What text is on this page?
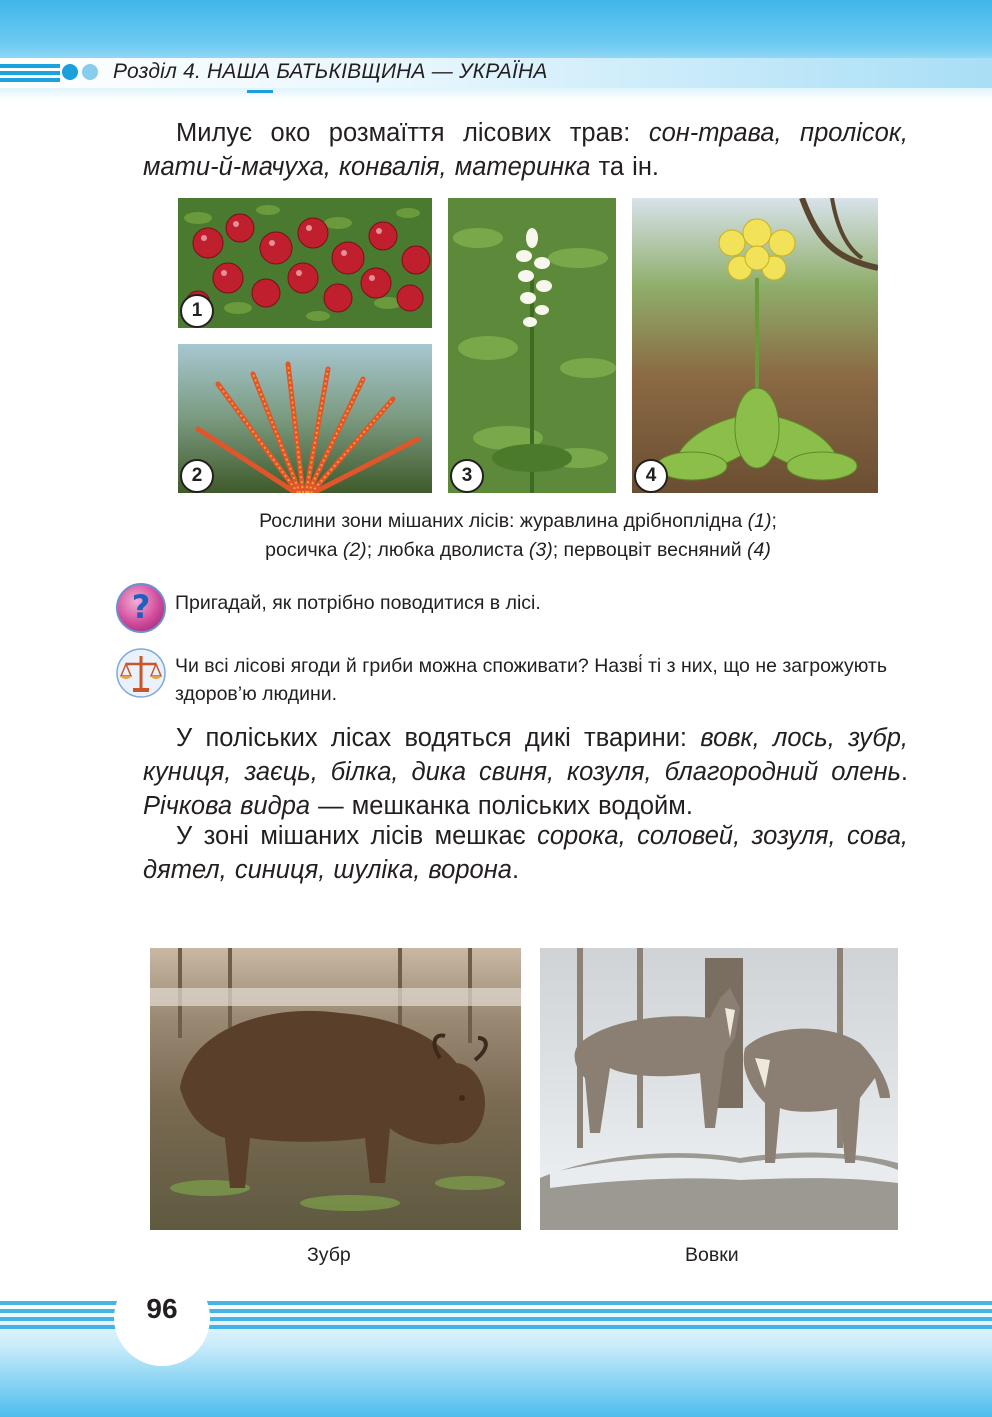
Розділ 4. НАША БАТЬКІВЩИНА — УКРАЇНА
Милує око розмаїття лісових трав: сон-трава, пролісок, мати-й-мачуха, конвалія, материнка та ін.
1
2	3	4
Рослини зони мішаних лісів: журавлина дрібноплідна (1);
росичка (2); любка дволиста (3); первоцвіт весняний (4)
?	Пригадай, як потрібно поводитися в лісі.
Чи всі лісові ягоди й гриби можна споживати? Назві́ ті з них, що не загрожують здоров’ю людини.
У поліських лісах водяться дикі тварини: вовк, лось, зубр, куниця, заєць, білка, дика свиня, козуля, благородний олень. Річкова видра — мешканка поліських водойм.
У зоні мішаних лісів мешкає сорока, соловей, зозуля, сова, дятел, синиця, шуліка, ворона.
Зубр	Вовки
96
